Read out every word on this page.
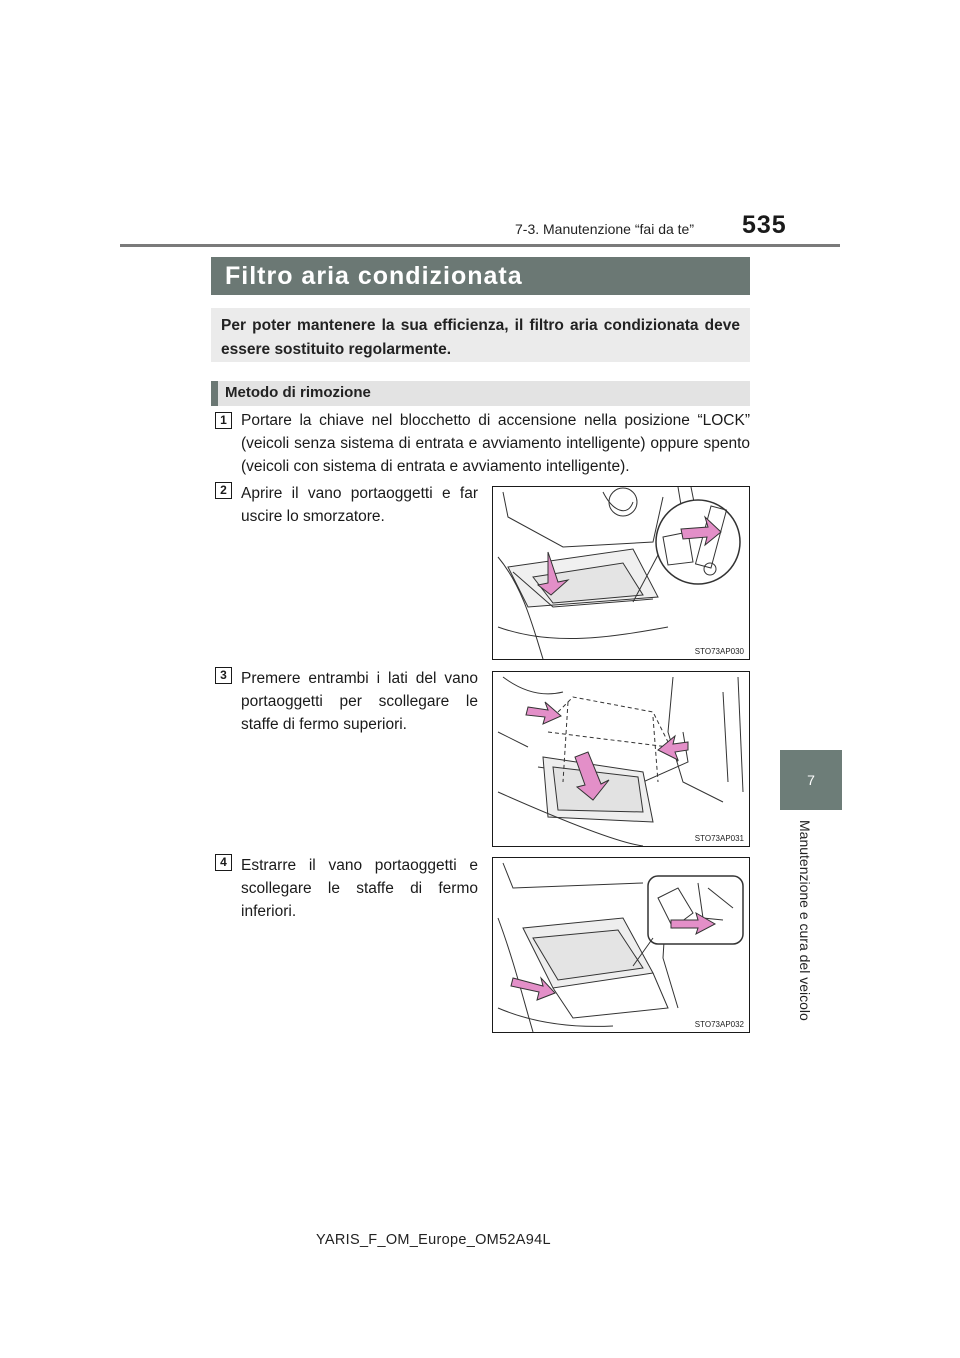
7-3. Manutenzione “fai da te” 535
7
Manutenzione e cura del veicolo
Filtro aria condizionata
Per poter mantenere la sua efficienza, il filtro aria condizionata deve essere sostituito regolarmente.
Metodo di rimozione
1 Portare la chiave nel blocchetto di accensione nella posizione “LOCK” (veicoli senza sistema di entrata e avviamento intelligente) oppure spento (veicoli con sistema di entrata e avviamento intelligente).
2 Aprire il vano portaoggetti e far uscire lo smorzatore.
STO73AP030
3 Premere entrambi i lati del vano portaoggetti per scollegare le staffe di fermo superiori.
STO73AP031
4 Estrarre il vano portaoggetti e scollegare le staffe di fermo inferiori.
STO73AP032
YARIS_F_OM_Europe_OM52A94L
